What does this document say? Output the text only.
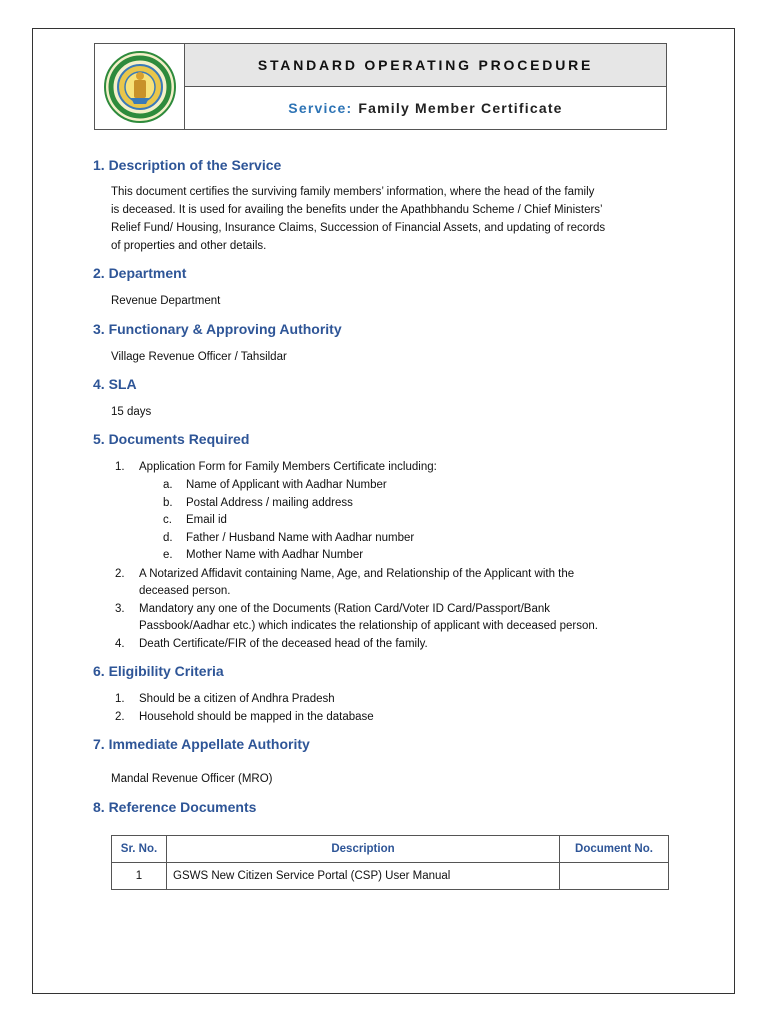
STANDARD OPERATING PROCEDURE
Service: Family Member Certificate
1. Description of the Service
This document certifies the surviving family members’ information, where the head of the family
is deceased. It is used for availing the benefits under the Apathbhandu Scheme / Chief Ministers’
Relief Fund/ Housing, Insurance Claims, Succession of Financial Assets, and updating of records
of properties and other details.
2. Department
Revenue Department
3. Functionary & Approving Authority
Village Revenue Officer / Tahsildar
4. SLA
15 days
5. Documents Required
1.	Application Form for Family Members Certificate including:
a. Name of Applicant with Aadhar Number
b. Postal Address / mailing address
c. Email id
d. Father / Husband Name with Aadhar number
e. Mother Name with Aadhar Number
2.	A Notarized Affidavit containing Name, Age, and Relationship of the Applicant with the
deceased person.
3.	Mandatory any one of the Documents (Ration Card/Voter ID Card/Passport/Bank
Passbook/Aadhar etc.) which indicates the relationship of applicant with deceased person.
4.	Death Certificate/FIR of the deceased head of the family.
6. Eligibility Criteria
1.	Should be a citizen of Andhra Pradesh
2.	Household should be mapped in the database
7. Immediate Appellate Authority
Mandal Revenue Officer (MRO)
8. Reference Documents
Sr. No.	Description	Document No.
1	GSWS New Citizen Service Portal (CSP) User Manual	
